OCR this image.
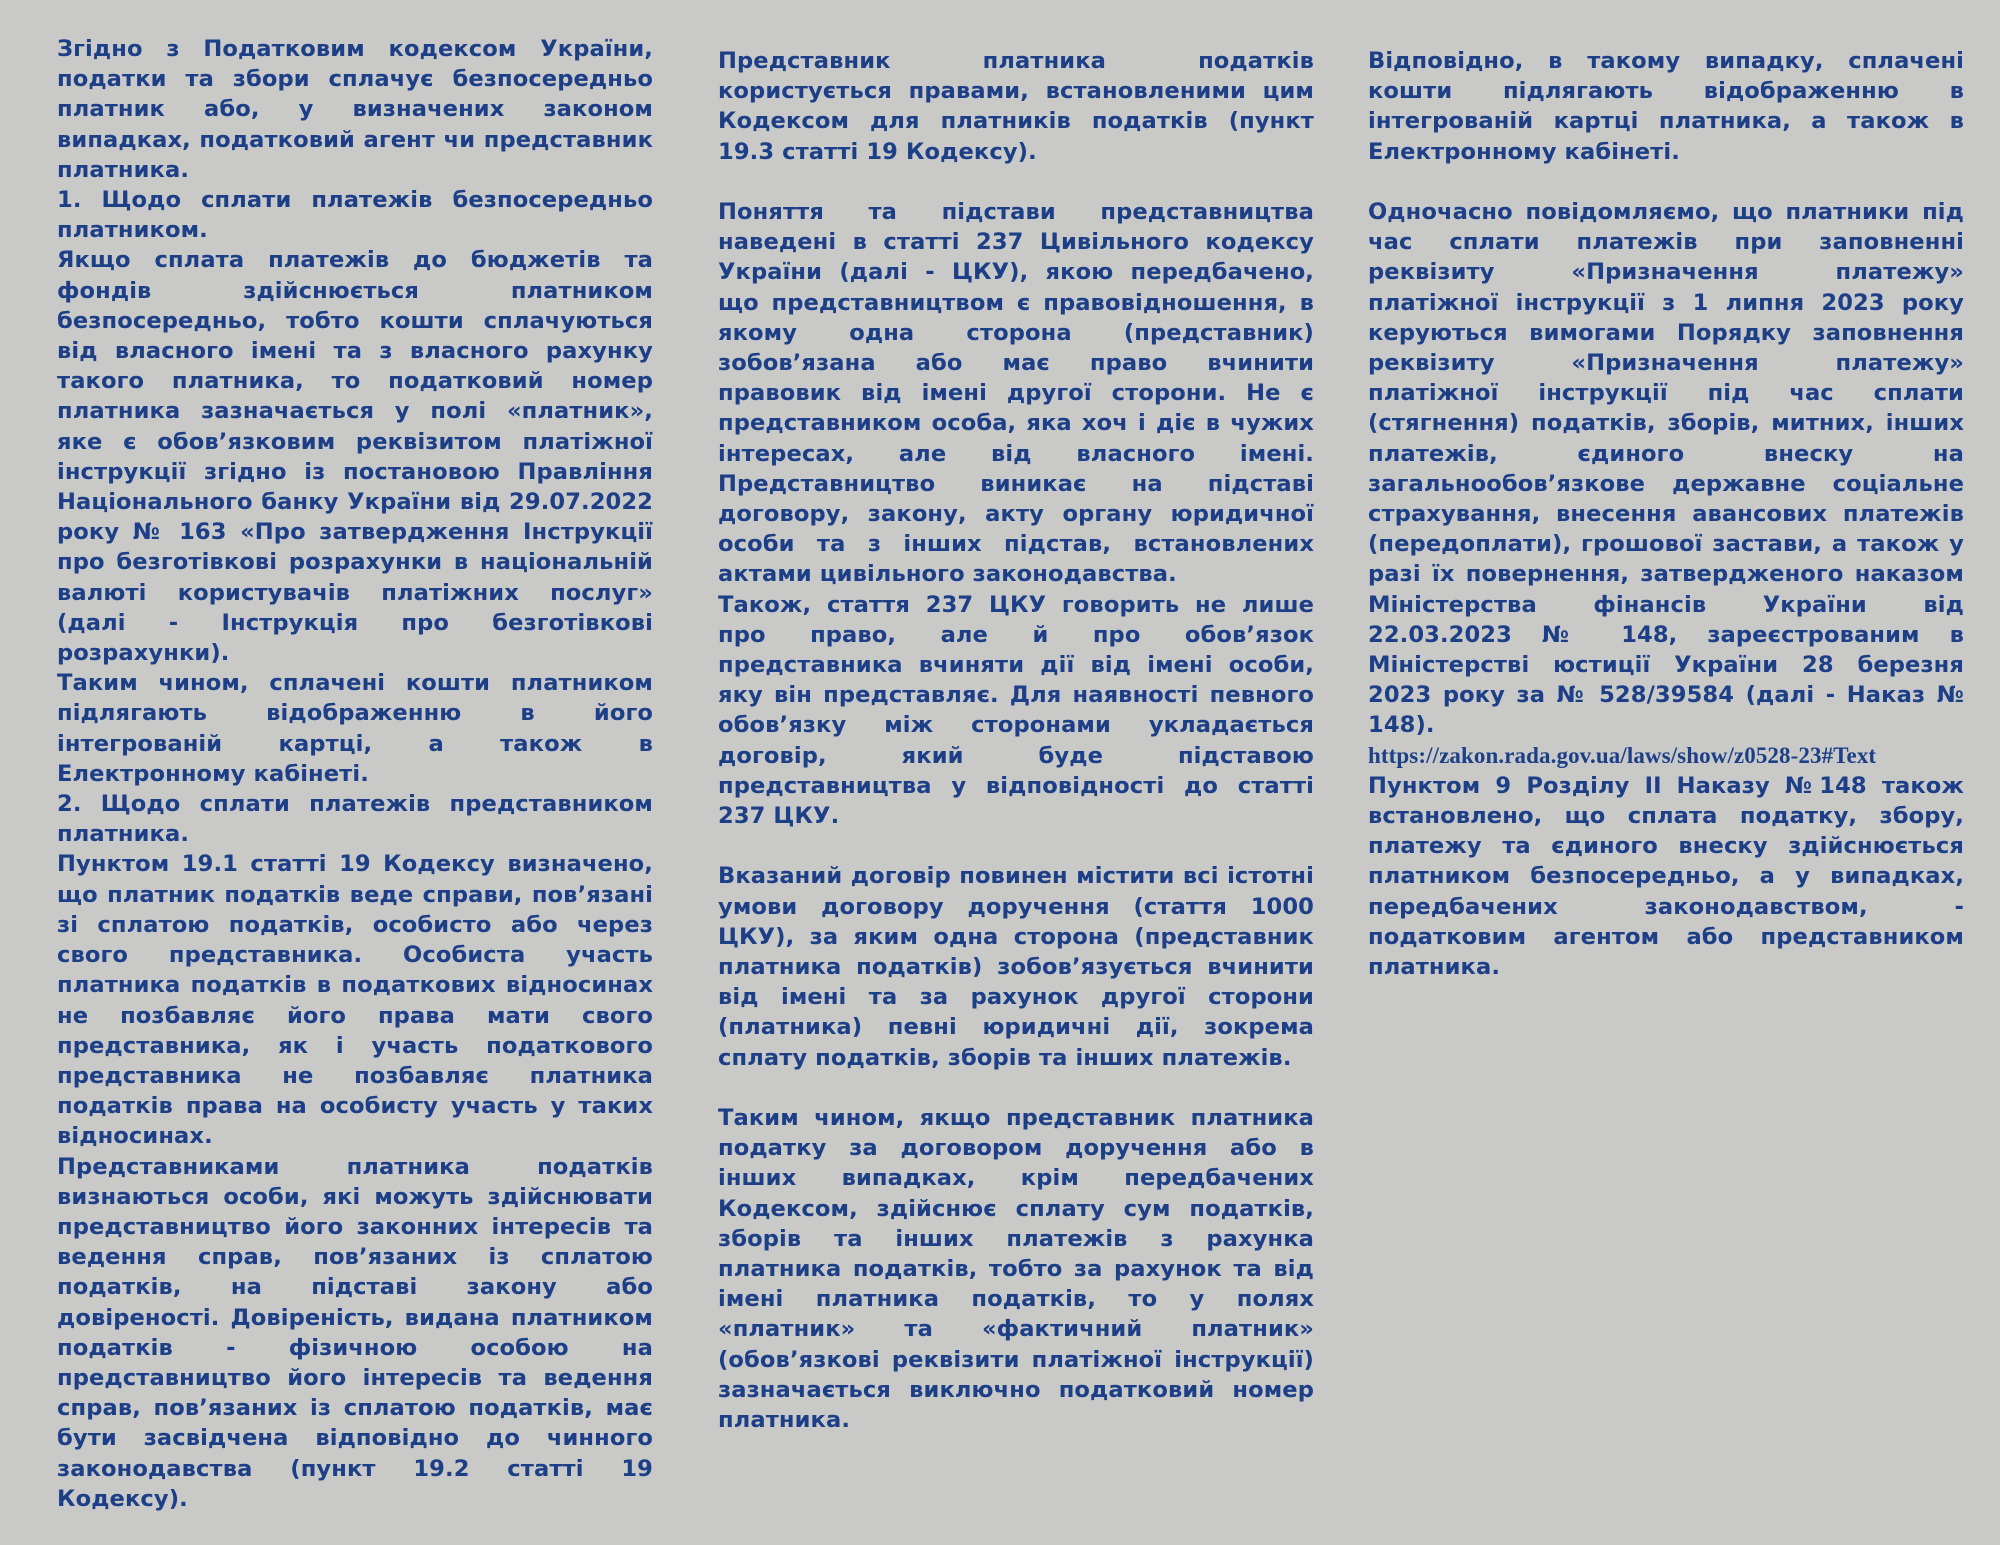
Згідно з Податковим кодексом України, податки та збори сплачує безпосередньо платник або, у визначених законом випадках, податковий агент чи представник платника.

1. Щодо сплати платежів безпосередньо платником.

Якщо сплата платежів до бюджетів та фондів здійснюється платником безпосередньо, тобто кошти сплачуються від власного імені та з власного рахунку такого платника, то податковий номер платника зазначається у полі «платник», яке є обов’язковим реквізитом платіжної інструкції згідно із постановою Правління Національного банку України від 29.07.2022 року № 163 «Про затвердження Інструкції про безготівкові розрахунки в національній валюті користувачів платіжних послуг» (далі - Інструкція про безготівкові розрахунки).

Таким чином, сплачені кошти платником підлягають відображенню в його інтегрованій картці, а також в Електронному кабінеті.

2. Щодо сплати платежів представником платника.

Пунктом 19.1 статті 19 Кодексу визначено, що платник податків веде справи, пов’язані зі сплатою податків, особисто або через свого представника. Особиста участь платника податків в податкових відносинах не позбавляє його права мати свого представника, як і участь податкового представника не позбавляє платника податків права на особисту участь у таких відносинах.

Представниками платника податків визнаються особи, які можуть здійснювати представництво його законних інтересів та ведення справ, пов’язаних із сплатою податків, на підставі закону або довіреності. Довіреність, видана платником податків - фізичною особою на представництво його інтересів та ведення справ, пов’язаних із сплатою податків, має бути засвідчена відповідно до чинного законодавства (пункт 19.2 статті 19 Кодексу).

Представник платника податків користується правами, встановленими цим Кодексом для платників податків (пункт 19.3 статті 19 Кодексу).

Поняття та підстави представництва наведені в статті 237 Цивільного кодексу України (далі - ЦКУ), якою передбачено, що представництвом є правовідношення, в якому одна сторона (представник) зобов’язана або має право вчинити правовик від імені другої сторони. Не є представником особа, яка хоч і діє в чужих інтересах, але від власного імені. Представництво виникає на підставі договору, закону, акту органу юридичної особи та з інших підстав, встановлених актами цивільного законодавства.

Також, стаття 237 ЦКУ говорить не лише про право, але й про обов’язок представника вчиняти дії від імені особи, яку він представляє. Для наявності певного обов’язку між сторонами укладається договір, який буде підставою представництва у відповідності до статті 237 ЦКУ.

Вказаний договір повинен містити всі істотні умови договору доручення (стаття 1000 ЦКУ), за яким одна сторона (представник платника податків) зобов’язується вчинити від імені та за рахунок другої сторони (платника) певні юридичні дії, зокрема сплату податків, зборів та інших платежів.

Таким чином, якщо представник платника податку за договором доручення або в інших випадках, крім передбачених Кодексом, здійснює сплату сум податків, зборів та інших платежів з рахунка платника податків, тобто за рахунок та від імені платника податків, то у полях «платник» та «фактичний платник» (обов’язкові реквізити платіжної інструкції) зазначається виключно податковий номер платника.

Відповідно, в такому випадку, сплачені кошти підлягають відображенню в інтегрованій картці платника, а також в Електронному кабінеті.

Одночасно повідомляємо, що платники під час сплати платежів при заповненні реквізиту «Призначення платежу» платіжної інструкції з 1 липня 2023 року керуються вимогами Порядку заповнення реквізиту «Призначення платежу» платіжної інструкції під час сплати (стягнення) податків, зборів, митних, інших платежів, єдиного внеску на загальнообов’язкове державне соціальне страхування, внесення авансових платежів (передоплати), грошової застави, а також у разі їх повернення, затвердженого наказом Міністерства фінансів України від 22.03.2023 № 148, зареєстрованим в Міністерстві юстиції України 28 березня 2023 року за № 528/39584 (далі - Наказ № 148).

https://zakon.rada.gov.ua/laws/show/z0528-23#Text

Пунктом 9 Розділу ІІ Наказу №148 також встановлено, що сплата податку, збору, платежу та єдиного внеску здійснюється платником безпосередньо, а у випадках, передбачених законодавством, - податковим агентом або представником платника.
